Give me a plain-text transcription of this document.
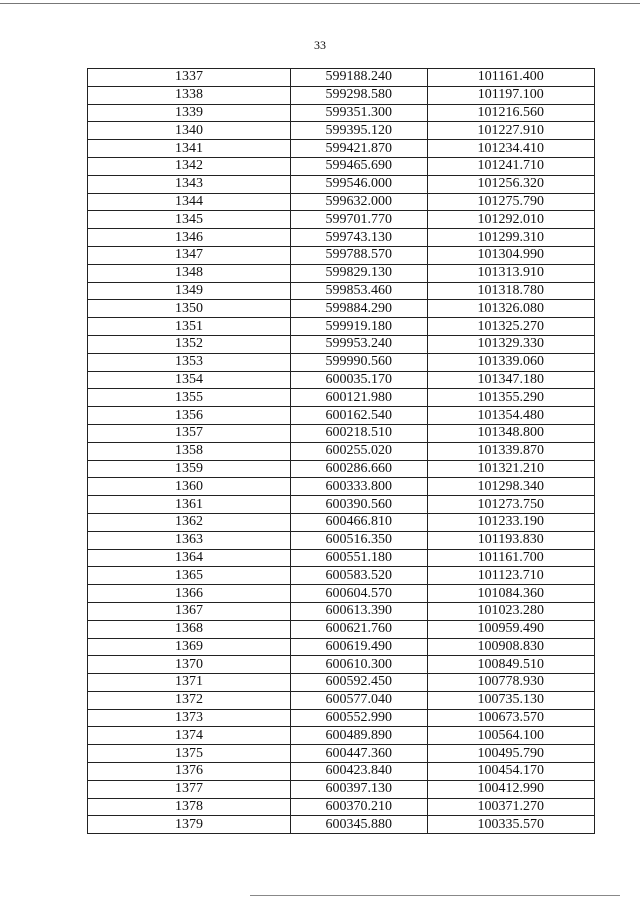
33
1337	599188.240	101161.400
1338	599298.580	101197.100
1339	599351.300	101216.560
1340	599395.120	101227.910
1341	599421.870	101234.410
1342	599465.690	101241.710
1343	599546.000	101256.320
1344	599632.000	101275.790
1345	599701.770	101292.010
1346	599743.130	101299.310
1347	599788.570	101304.990
1348	599829.130	101313.910
1349	599853.460	101318.780
1350	599884.290	101326.080
1351	599919.180	101325.270
1352	599953.240	101329.330
1353	599990.560	101339.060
1354	600035.170	101347.180
1355	600121.980	101355.290
1356	600162.540	101354.480
1357	600218.510	101348.800
1358	600255.020	101339.870
1359	600286.660	101321.210
1360	600333.800	101298.340
1361	600390.560	101273.750
1362	600466.810	101233.190
1363	600516.350	101193.830
1364	600551.180	101161.700
1365	600583.520	101123.710
1366	600604.570	101084.360
1367	600613.390	101023.280
1368	600621.760	100959.490
1369	600619.490	100908.830
1370	600610.300	100849.510
1371	600592.450	100778.930
1372	600577.040	100735.130
1373	600552.990	100673.570
1374	600489.890	100564.100
1375	600447.360	100495.790
1376	600423.840	100454.170
1377	600397.130	100412.990
1378	600370.210	100371.270
1379	600345.880	100335.570
